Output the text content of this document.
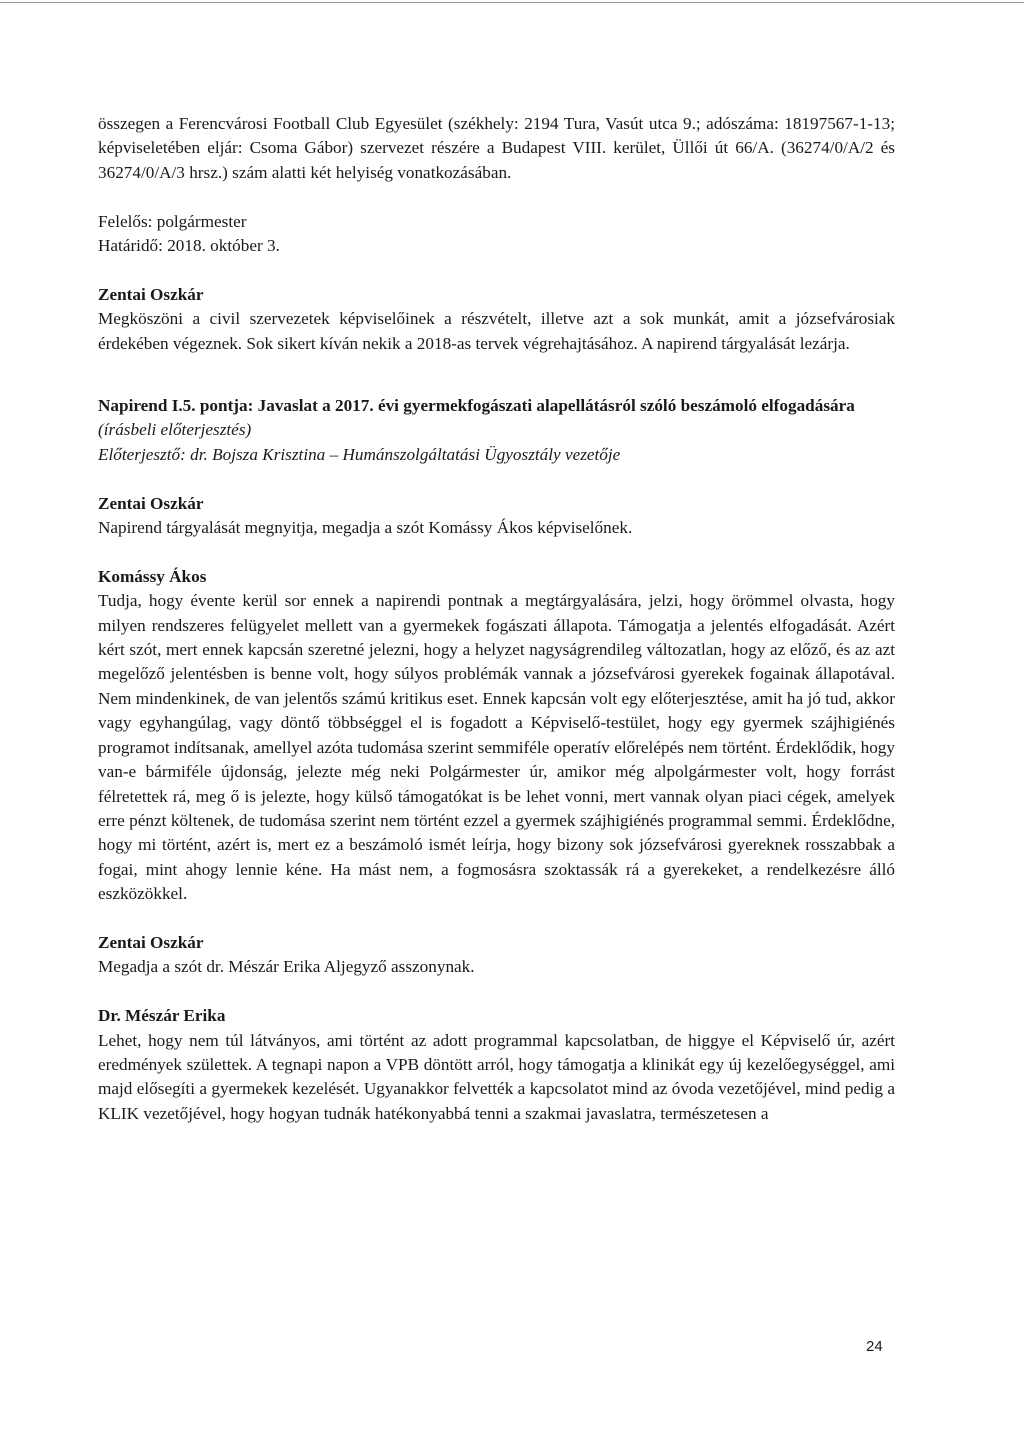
összegen a Ferencvárosi Football Club Egyesület (székhely: 2194 Tura, Vasút utca 9.; adószáma: 18197567-1-13; képviseletében eljár: Csoma Gábor) szervezet részére a Budapest VIII. kerület, Üllői út 66/A. (36274/0/A/2 és 36274/0/A/3 hrsz.) szám alatti két helyiség vonatkozásában.

Felelős: polgármester
Határidő: 2018. október 3.
Zentai Oszkár

Megköszöni a civil szervezetek képviselőinek a részvételt, illetve azt a sok munkát, amit a józsefvárosiak érdekében végeznek. Sok sikert kíván nekik a 2018-as tervek végrehajtásához. A napirend tárgyalását lezárja.

Napirend I.5. pontja: Javaslat a 2017. évi gyermekfogászati alapellátásról szóló beszámoló elfogadására
(írásbeli előterjesztés)
Előterjesztő: dr. Bojsza Krisztina – Humánszolgáltatási Ügyosztály vezetője
Zentai Oszkár

Napirend tárgyalását megnyitja, megadja a szót Komássy Ákos képviselőnek.

Komássy Ákos

Tudja, hogy évente kerül sor ennek a napirendi pontnak a megtárgyalására, jelzi, hogy örömmel olvasta, hogy milyen rendszeres felügyelet mellett van a gyermekek fogászati állapota. Támogatja a jelentés elfogadását. Azért kért szót, mert ennek kapcsán szeretné jelezni, hogy a helyzet nagyságrendileg változatlan, hogy az előző, és az azt megelőző jelentésben is benne volt, hogy súlyos problémák vannak a józsefvárosi gyerekek fogainak állapotával. Nem mindenkinek, de van jelentős számú kritikus eset. Ennek kapcsán volt egy előterjesztése, amit ha jó tud, akkor vagy egyhangúlag, vagy döntő többséggel el is fogadott a Képviselő-testület, hogy egy gyermek szájhigiénés programot indítsanak, amellyel azóta tudomása szerint semmiféle operatív előrelépés nem történt. Érdeklődik, hogy van-e bármiféle újdonság, jelezte még neki Polgármester úr, amikor még alpolgármester volt, hogy forrást félretettek rá, meg ő is jelezte, hogy külső támogatókat is be lehet vonni, mert vannak olyan piaci cégek, amelyek erre pénzt költenek, de tudomása szerint nem történt ezzel a gyermek szájhigiénés programmal semmi. Érdeklődne, hogy mi történt, azért is, mert ez a beszámoló ismét leírja, hogy bizony sok józsefvárosi gyereknek rosszabbak a fogai, mint ahogy lennie kéne. Ha mást nem, a fogmosásra szoktassák rá a gyerekeket, a rendelkezésre álló eszközökkel.

Zentai Oszkár

Megadja a szót dr. Mészár Erika Aljegyző asszonynak.

Dr. Mészár Erika

Lehet, hogy nem túl látványos, ami történt az adott programmal kapcsolatban, de higgye el Képviselő úr, azért eredmények születtek. A tegnapi napon a VPB döntött arról, hogy támogatja a klinikát egy új kezelőegységgel, ami majd elősegíti a gyermekek kezelését. Ugyanakkor felvették a kapcsolatot mind az óvoda vezetőjével, mind pedig a KLIK vezetőjével, hogy hogyan tudnák hatékonyabbá tenni a szakmai javaslatra, természetesen a

24
